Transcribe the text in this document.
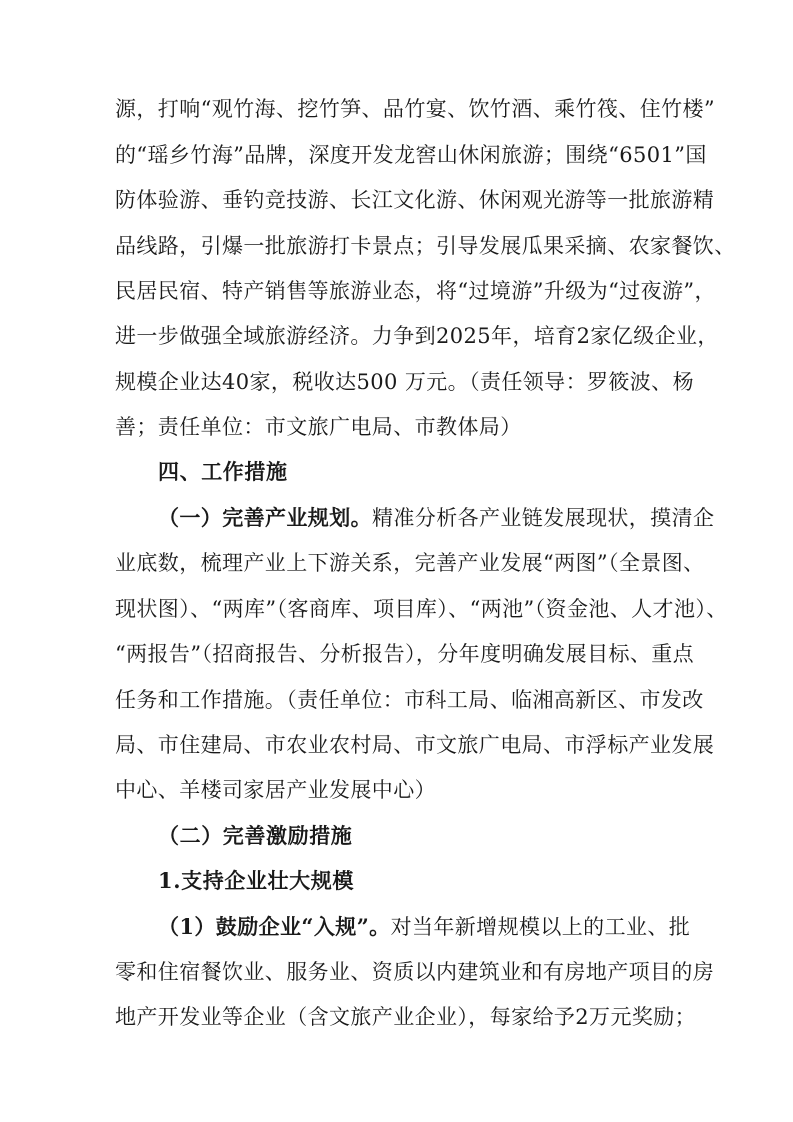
源，打响“观竹海、挖竹笋、品竹宴、饮竹酒、乘竹筏、住竹楼”
的“瑶乡竹海”品牌，深度开发龙窖山休闲旅游；围绕“6501”国
防体验游、垂钓竞技游、长江文化游、休闲观光游等一批旅游精
品线路，引爆一批旅游打卡景点；引导发展瓜果采摘、农家餐饮、
民居民宿、特产销售等旅游业态，将“过境游”升级为“过夜游”，
进一步做强全域旅游经济。力争到2025年，培育2家亿级企业，
规模企业达40家，税收达500 万元。（责任领导：罗筱波、杨
善；责任单位：市文旅广电局、市教体局）
四、工作措施
（一）完善产业规划。精准分析各产业链发展现状，摸清企
业底数，梳理产业上下游关系，完善产业发展“两图”（全景图、
现状图）、“两库”（客商库、项目库）、“两池”（资金池、人才池）、
“两报告”（招商报告、分析报告），分年度明确发展目标、重点
任务和工作措施。（责任单位：市科工局、临湘高新区、市发改
局、市住建局、市农业农村局、市文旅广电局、市浮标产业发展
中心、羊楼司家居产业发展中心）
（二）完善激励措施
1.支持企业壮大规模
（1）鼓励企业“入规”。对当年新增规模以上的工业、批
零和住宿餐饮业、服务业、资质以内建筑业和有房地产项目的房
地产开发业等企业（含文旅产业企业），每家给予2万元奖励；
